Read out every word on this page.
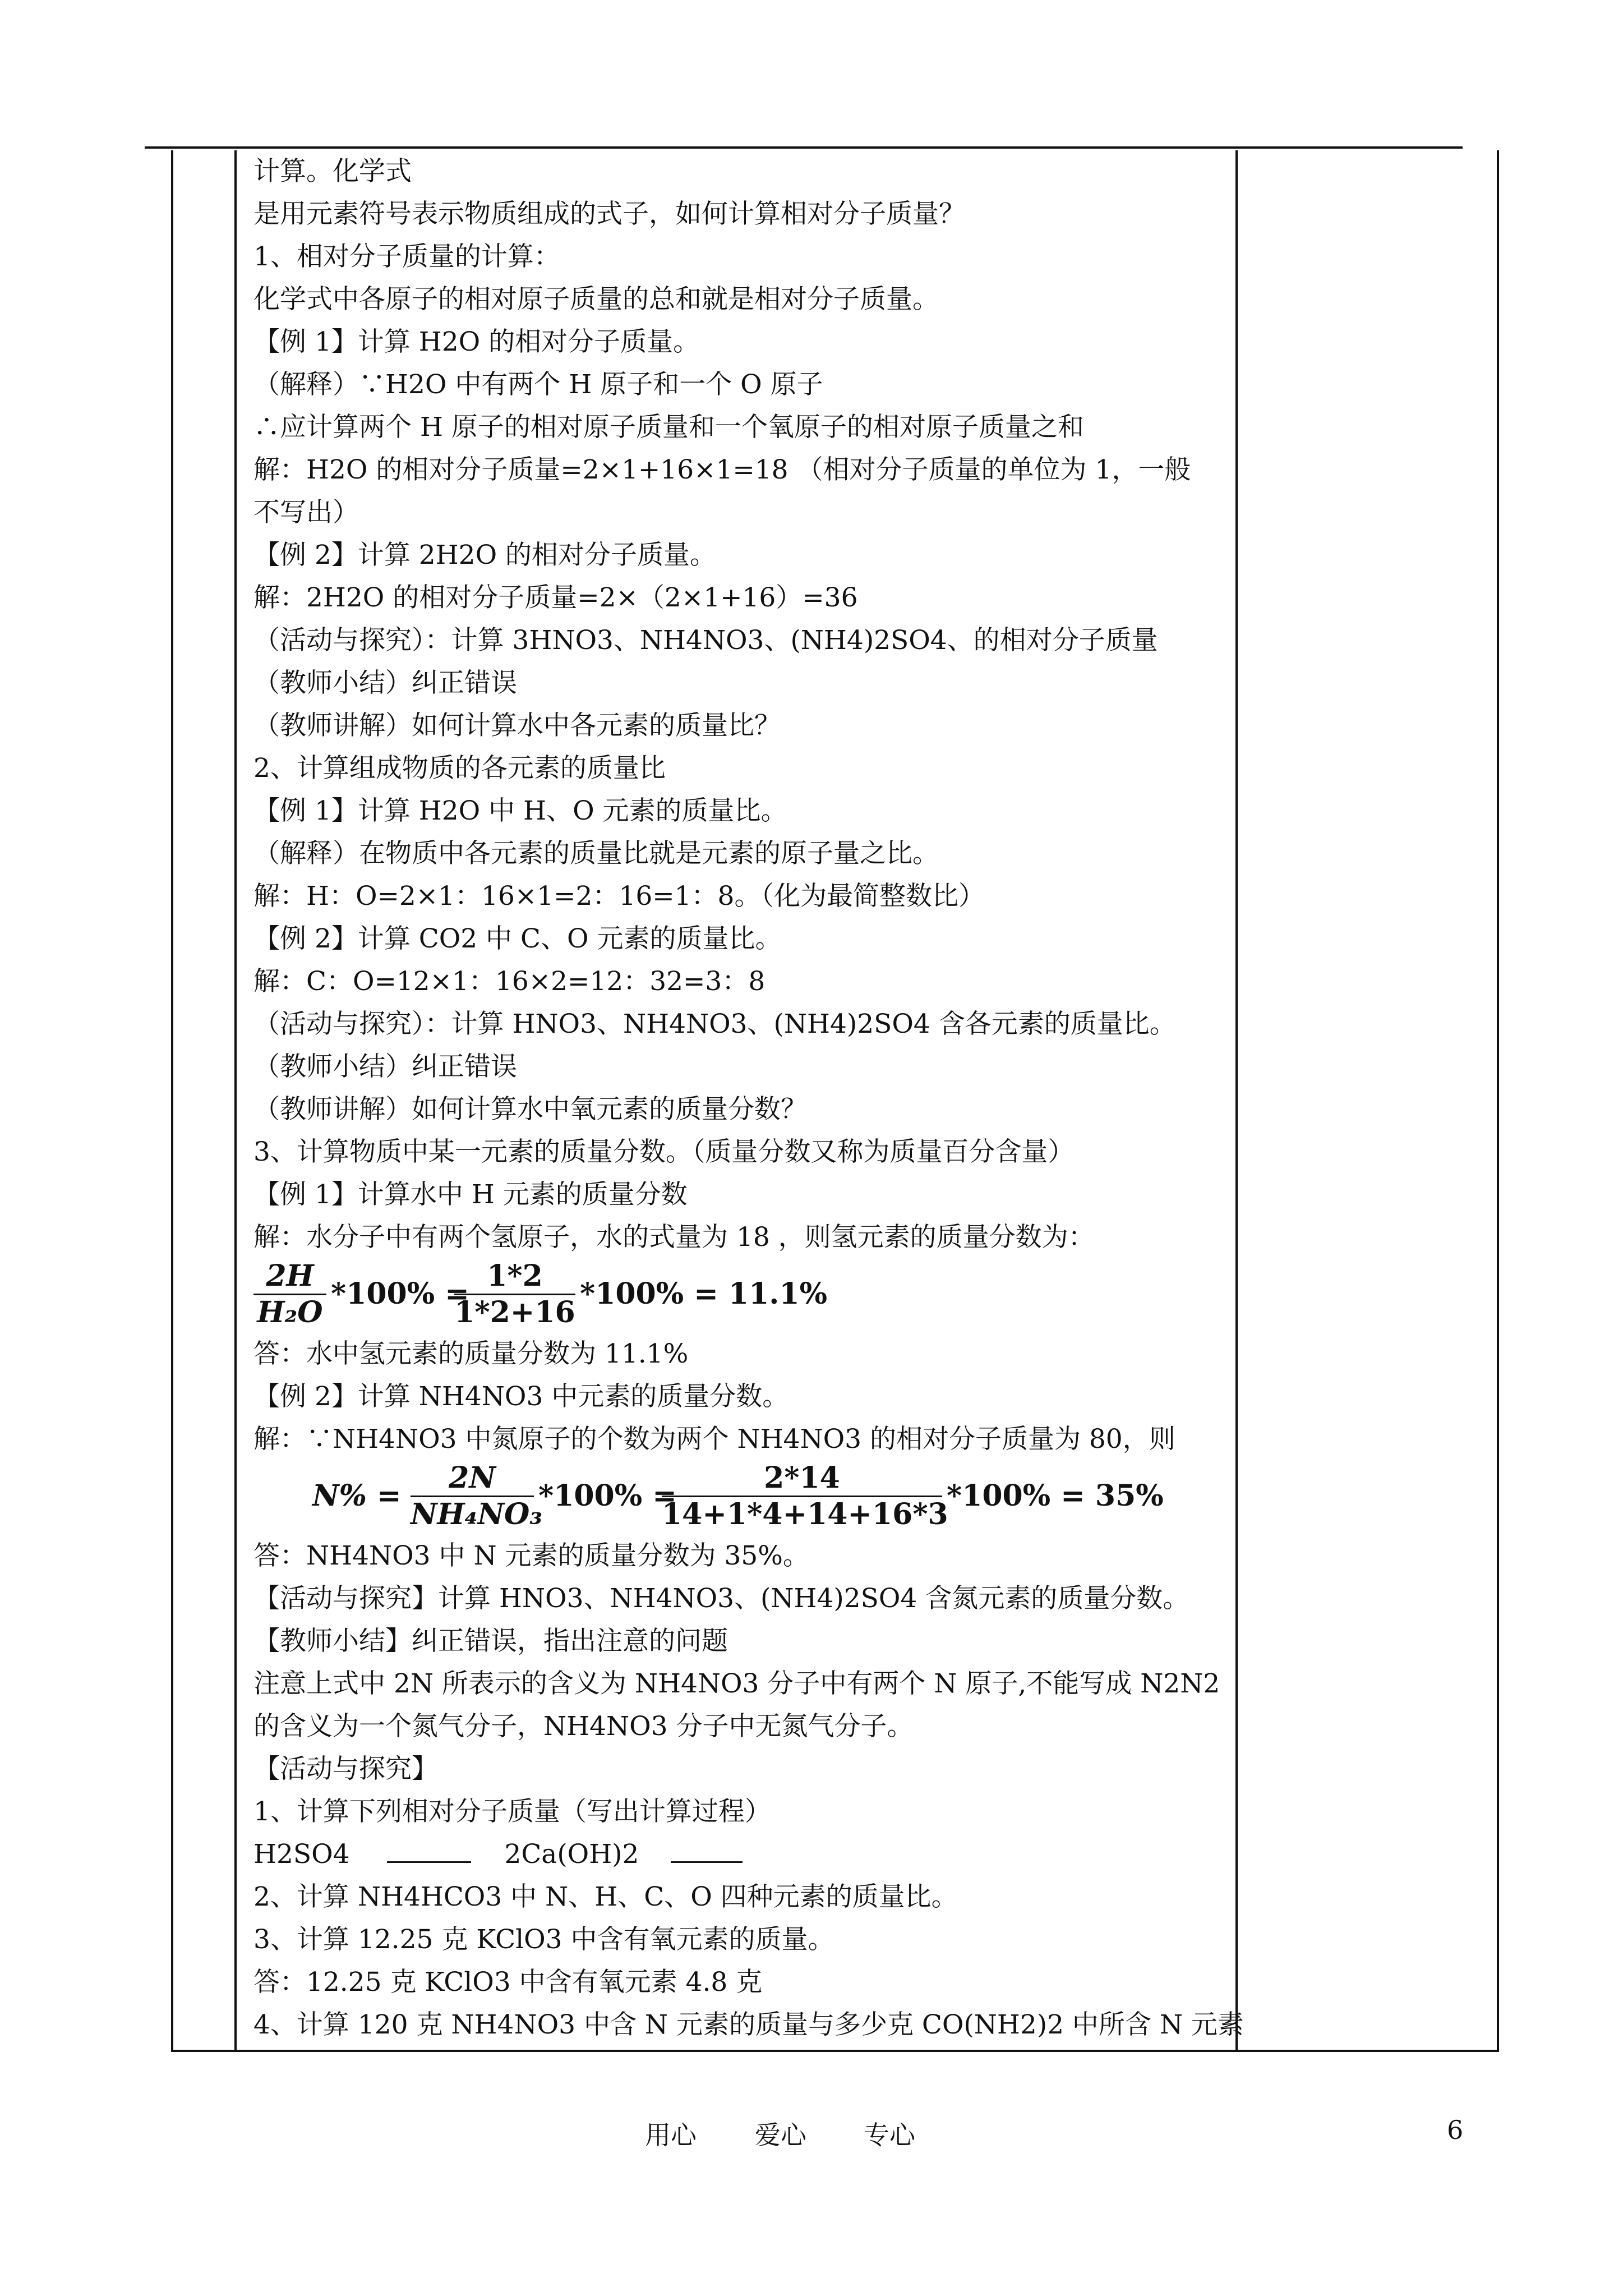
计算。化学式
是用元素符号表示物质组成的式子，如何计算相对分子质量？
1、相对分子质量的计算：
化学式中各原子的相对原子质量的总和就是相对分子质量。
【例 1】计算 H2O 的相对分子质量。
（解释）∵H2O 中有两个 H 原子和一个 O 原子
∴应计算两个 H 原子的相对原子质量和一个氧原子的相对原子质量之和
解：H2O 的相对分子质量=2×1+16×1=18 （相对分子质量的单位为 1，一般
不写出）
【例 2】计算 2H2O 的相对分子质量。
解：2H2O 的相对分子质量=2×（2×1+16）=36
（活动与探究）：计算 3HNO3、NH4NO3、(NH4)2SO4、的相对分子质量
（教师小结）纠正错误
（教师讲解）如何计算水中各元素的质量比？
2、计算组成物质的各元素的质量比
【例 1】计算 H2O 中 H、O 元素的质量比。
（解释）在物质中各元素的质量比就是元素的原子量之比。
解：H：O=2×1：16×1=2：16=1：8。（化为最简整数比）
【例 2】计算 CO2 中 C、O 元素的质量比。
解：C：O=12×1：16×2=12：32=3：8
（活动与探究）：计算 HNO3、NH4NO3、(NH4)2SO4 含各元素的质量比。
（教师小结）纠正错误
（教师讲解）如何计算水中氧元素的质量分数？
3、计算物质中某一元素的质量分数。（质量分数又称为质量百分含量）
【例 1】计算水中 H 元素的质量分数
解：水分子中有两个氢原子，水的式量为 18 ，则氢元素的质量分数为：
2H
H₂O
*100% =
1*2
1*2+16
*100% = 11.1%
答：水中氢元素的质量分数为 11.1%
【例 2】计算 NH4NO3 中元素的质量分数。
解：∵NH4NO3 中氮原子的个数为两个 NH4NO3 的相对分子质量为 80，则
N% =
2N
NH₄NO₃
*100% =
2*14
14+1*4+14+16*3
*100% = 35%
答：NH4NO3 中 N 元素的质量分数为 35%。
【活动与探究】计算 HNO3、NH4NO3、(NH4)2SO4 含氮元素的质量分数。
【教师小结】纠正错误，指出注意的问题
注意上式中 2N 所表示的含义为 NH4NO3 分子中有两个 N 原子,不能写成 N2N2
的含义为一个氮气分子，NH4NO3 分子中无氮气分子。
【活动与探究】
1、计算下列相对分子质量（写出计算过程）
H2SO4	2Ca(OH)2
2、计算 NH4HCO3 中 N、H、C、O 四种元素的质量比。
3、计算 12.25 克 KClO3 中含有氧元素的质量。
答：12.25 克 KClO3 中含有氧元素 4.8 克
4、计算 120 克 NH4NO3 中含 N 元素的质量与多少克 CO(NH2)2 中所含 N 元素
用心 爱心 专心	6
